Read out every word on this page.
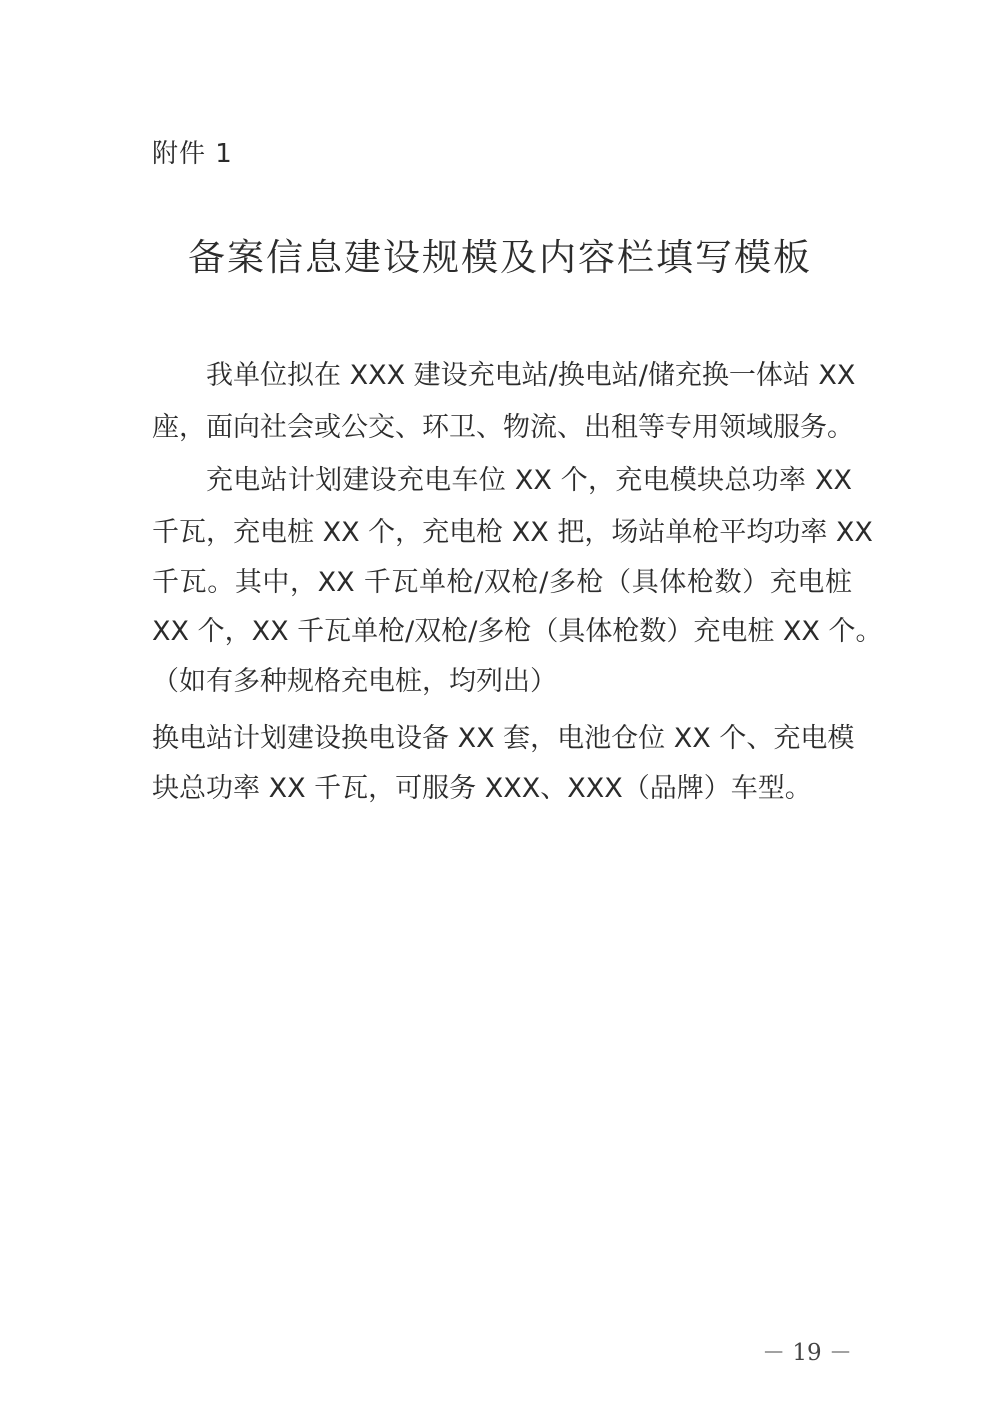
附件 1
备案信息建设规模及内容栏填写模板
我单位拟在 XXX 建设充电站/换电站/储充换一体站 XX
座，面向社会或公交、环卫、物流、出租等专用领域服务。
充电站计划建设充电车位 XX 个，充电模块总功率 XX
千瓦，充电桩 XX 个，充电枪 XX 把，场站单枪平均功率 XX
千瓦。其中，XX 千瓦单枪/双枪/多枪（具体枪数）充电桩
XX 个，XX 千瓦单枪/双枪/多枪（具体枪数）充电桩 XX 个。
（如有多种规格充电桩，均列出）
换电站计划建设换电设备 XX 套，电池仓位 XX 个、充电模
块总功率 XX 千瓦，可服务 XXX、XXX（品牌）车型。
－ 19 －
